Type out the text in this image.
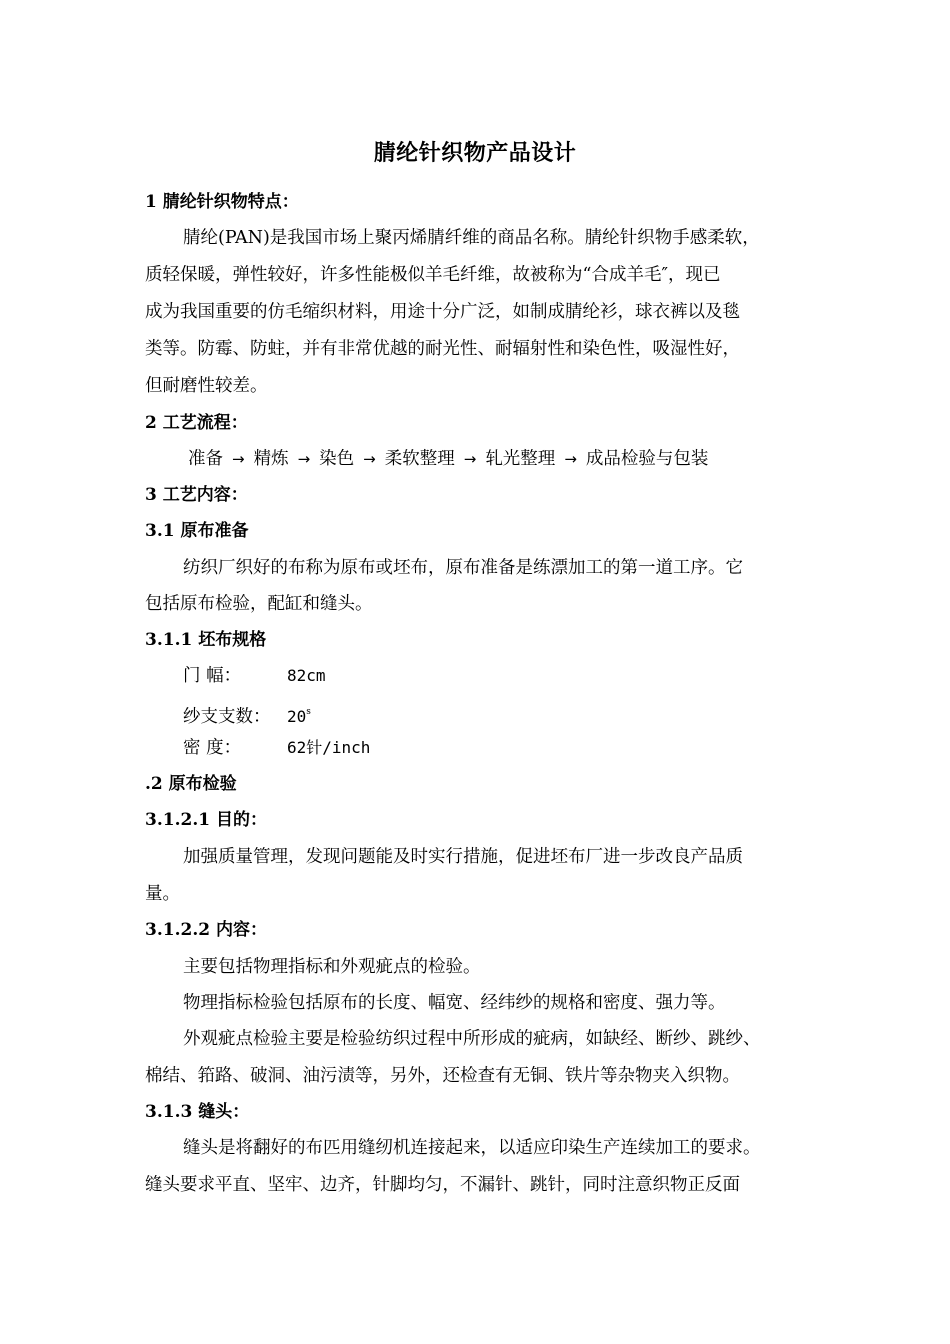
腈纶针织物产品设计
1 腈纶针织物特点：
腈纶(PAN)是我国市场上聚丙烯腈纤维的商品名称。腈纶针织物手感柔软，
质轻保暖，弹性较好，许多性能极似羊毛纤维，故被称为“合成羊毛″，现已
成为我国重要的仿毛缩织材料，用途十分广泛，如制成腈纶衫，球衣裤以及毯
类等。防霉、防蛀，并有非常优越的耐光性、耐辐射性和染色性，吸湿性好，
但耐磨性较差。
2 工艺流程：
准备 → 精炼 → 染色 → 柔软整理 → 轧光整理 → 成品检验与包装
3 工艺内容：
3.1 原布准备
纺织厂织好的布称为原布或坯布，原布准备是练漂加工的第一道工序。它
包括原布检验，配缸和缝头。
3.1.1 坯布规格
门 幅：	82cm
纱支支数： 20$^s$
密 度：	62针/inch
.2 原布检验
3.1.2.1 目的：
加强质量管理，发现问题能及时实行措施，促进坯布厂进一步改良产品质
量。
3.1.2.2 内容：
主要包括物理指标和外观疵点的检验。
物理指标检验包括原布的长度、幅宽、经纬纱的规格和密度、强力等。
外观疵点检验主要是检验纺织过程中所形成的疵病，如缺经、断纱、跳纱、
棉结、筘路、破洞、油污渍等，另外，还检查有无铜、铁片等杂物夹入织物。
3.1.3 缝头：
缝头是将翻好的布匹用缝纫机连接起来，以适应印染生产连续加工的要求。
缝头要求平直、坚牢、边齐，针脚均匀，不漏针、跳针，同时注意织物正反面
